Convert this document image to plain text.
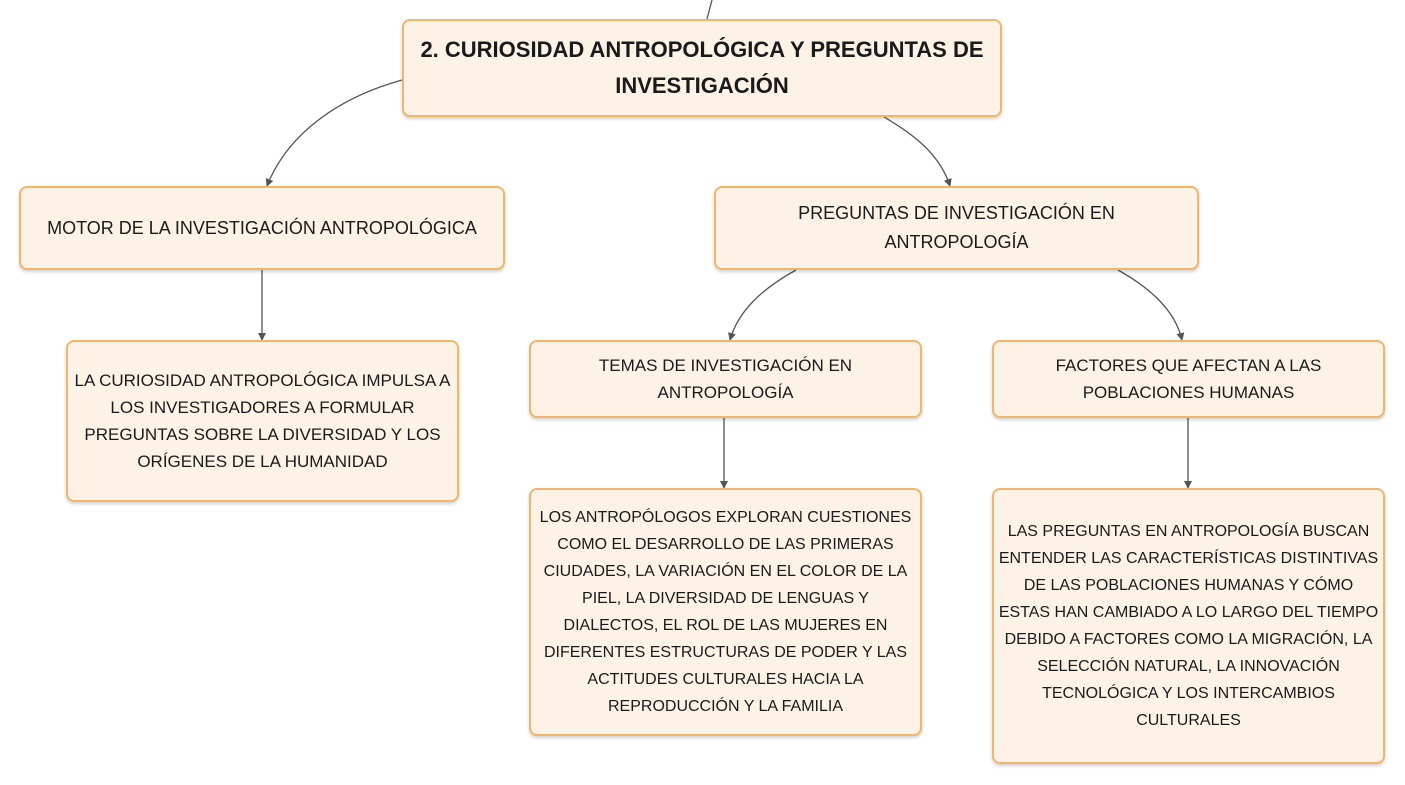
2. CURIOSIDAD ANTROPOLÓGICA Y PREGUNTAS DE INVESTIGACIÓN
MOTOR DE LA INVESTIGACIÓN ANTROPOLÓGICA
PREGUNTAS DE INVESTIGACIÓN EN ANTROPOLOGÍA
LA CURIOSIDAD ANTROPOLÓGICA IMPULSA A LOS INVESTIGADORES A FORMULAR PREGUNTAS SOBRE LA DIVERSIDAD Y LOS ORÍGENES DE LA HUMANIDAD
TEMAS DE INVESTIGACIÓN EN ANTROPOLOGÍA
FACTORES QUE AFECTAN A LAS POBLACIONES HUMANAS
LOS ANTROPÓLOGOS EXPLORAN CUESTIONES COMO EL DESARROLLO DE LAS PRIMERAS CIUDADES, LA VARIACIÓN EN EL COLOR DE LA PIEL, LA DIVERSIDAD DE LENGUAS Y DIALECTOS, EL ROL DE LAS MUJERES EN DIFERENTES ESTRUCTURAS DE PODER Y LAS ACTITUDES CULTURALES HACIA LA REPRODUCCIÓN Y LA FAMILIA
LAS PREGUNTAS EN ANTROPOLOGÍA BUSCAN ENTENDER LAS CARACTERÍSTICAS DISTINTIVAS DE LAS POBLACIONES HUMANAS Y CÓMO ESTAS HAN CAMBIADO A LO LARGO DEL TIEMPO DEBIDO A FACTORES COMO LA MIGRACIÓN, LA SELECCIÓN NATURAL, LA INNOVACIÓN TECNOLÓGICA Y LOS INTERCAMBIOS CULTURALES
